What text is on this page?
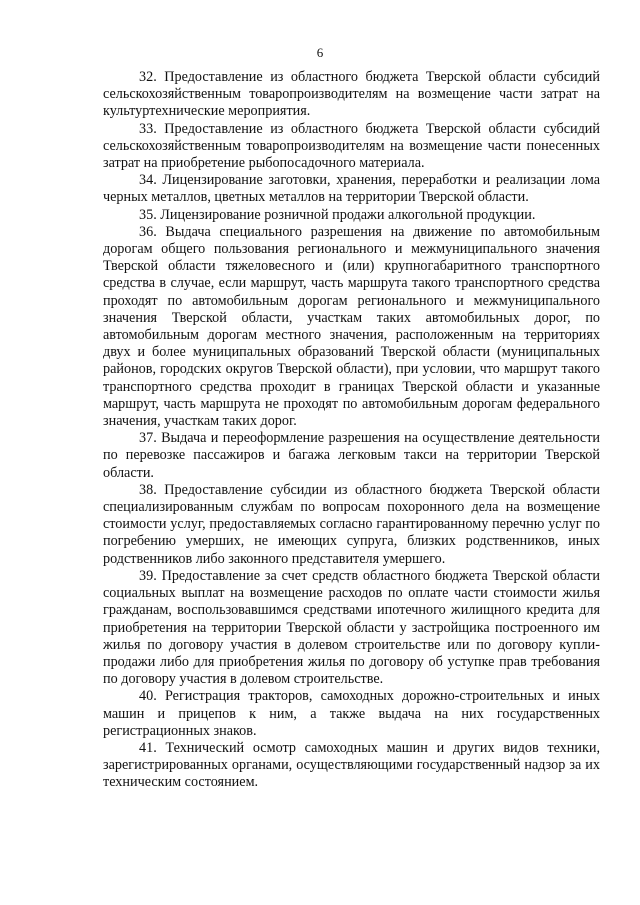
6

32. Предоставление из областного бюджета Тверской области субсидий сельскохозяйственным товаропроизводителям на возмещение части затрат на культуртехнические мероприятия.

33. Предоставление из областного бюджета Тверской области субсидий сельскохозяйственным товаропроизводителям на возмещение части понесенных затрат на приобретение рыбопосадочного материала.

34. Лицензирование заготовки, хранения, переработки и реализации лома черных металлов, цветных металлов на территории Тверской области.

35. Лицензирование розничной продажи алкогольной продукции.

36. Выдача специального разрешения на движение по автомобильным дорогам общего пользования регионального и межмуниципального значения Тверской области тяжеловесного и (или) крупногабаритного транспортного средства в случае, если маршрут, часть маршрута такого транспортного средства проходят по автомобильным дорогам регионального и межмуниципального значения Тверской области, участкам таких автомобильных дорог, по автомобильным дорогам местного значения, расположенным на территориях двух и более муниципальных образований Тверской области (муниципальных районов, городских округов Тверской области), при условии, что маршрут такого транспортного средства проходит в границах Тверской области и указанные маршрут, часть маршрута не проходят по автомобильным дорогам федерального значения, участкам таких дорог.

37. Выдача и переоформление разрешения на осуществление деятельности по перевозке пассажиров и багажа легковым такси на территории Тверской области.

38. Предоставление субсидии из областного бюджета Тверской области специализированным службам по вопросам похоронного дела на возмещение стоимости услуг, предоставляемых согласно гарантированному перечню услуг по погребению умерших, не имеющих супруга, близких родственников, иных родственников либо законного представителя умершего.

39. Предоставление за счет средств областного бюджета Тверской области социальных выплат на возмещение расходов по оплате части стоимости жилья гражданам, воспользовавшимся средствами ипотечного жилищного кредита для приобретения на территории Тверской области у застройщика построенного им жилья по договору участия в долевом строительстве или по договору купли-продажи либо для приобретения жилья по договору об уступке прав требования по договору участия в долевом строительстве.

40. Регистрация тракторов, самоходных дорожно-строительных и иных машин и прицепов к ним, а также выдача на них государственных регистрационных знаков.

41. Технический осмотр самоходных машин и других видов техники, зарегистрированных органами, осуществляющими государственный надзор за их техническим состоянием.
